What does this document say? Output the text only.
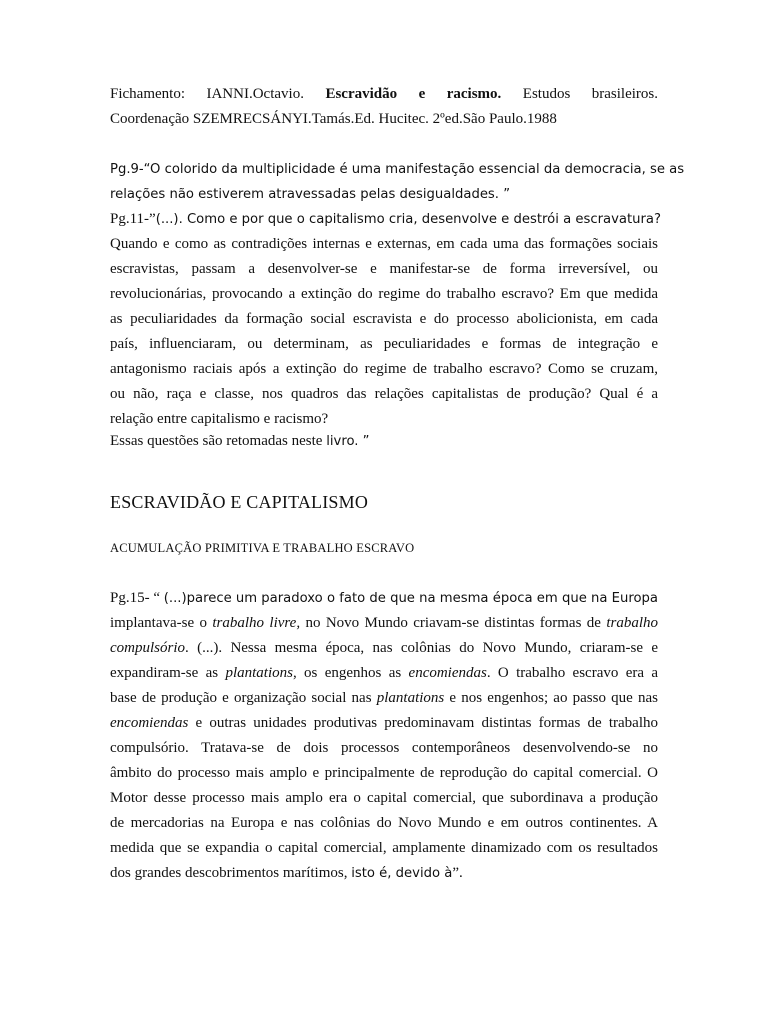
Fichamento: IANNI.Octavio. Escravidão e racismo. Estudos brasileiros.
Coordenação SZEMRECSÁNYI.Tamás.Ed. Hucitec. 2ºed.São Paulo.1988
Pg.9-“O colorido da multiplicidade é uma manifestação essencial da democracia, se as
relações não estiverem atravessadas pelas desigualdades. ”
Pg.11-”(...). Como e por que o capitalismo cria, desenvolve e destrói a escravatura?
Quando e como as contradições internas e externas, em cada uma das formações sociais
escravistas, passam a desenvolver-se e manifestar-se de forma irreversível, ou
revolucionárias, provocando a extinção do regime do trabalho escravo? Em que medida
as peculiaridades da formação social escravista e do processo abolicionista, em cada
país, influenciaram, ou determinam, as peculiaridades e formas de integração e
antagonismo raciais após a extinção do regime de trabalho escravo? Como se cruzam,
ou não, raça e classe, nos quadros das relações capitalistas de produção? Qual é a
relação entre capitalismo e racismo?
Essas questões são retomadas neste livro. ”
ESCRAVIDÃO E CAPITALISMO
ACUMULAÇÃO PRIMITIVA E TRABALHO ESCRAVO
Pg.15- “ (...)parece um paradoxo o fato de que na mesma época em que na Europa
implantava-se o trabalho livre, no Novo Mundo criavam-se distintas formas de trabalho
compulsório. (...). Nessa mesma época, nas colônias do Novo Mundo, criaram-se e
expandiram-se as plantations, os engenhos as encomiendas. O trabalho escravo era a
base de produção e organização social nas plantations e nos engenhos; ao passo que nas
encomiendas e outras unidades produtivas predominavam distintas formas de trabalho
compulsório. Tratava-se de dois processos contemporâneos desenvolvendo-se no
âmbito do processo mais amplo e principalmente de reprodução do capital comercial. O
Motor desse processo mais amplo era o capital comercial, que subordinava a produção
de mercadorias na Europa e nas colônias do Novo Mundo e em outros continentes. A
medida que se expandia o capital comercial, amplamente dinamizado com os resultados
dos grandes descobrimentos marítimos, isto é, devido à”.
